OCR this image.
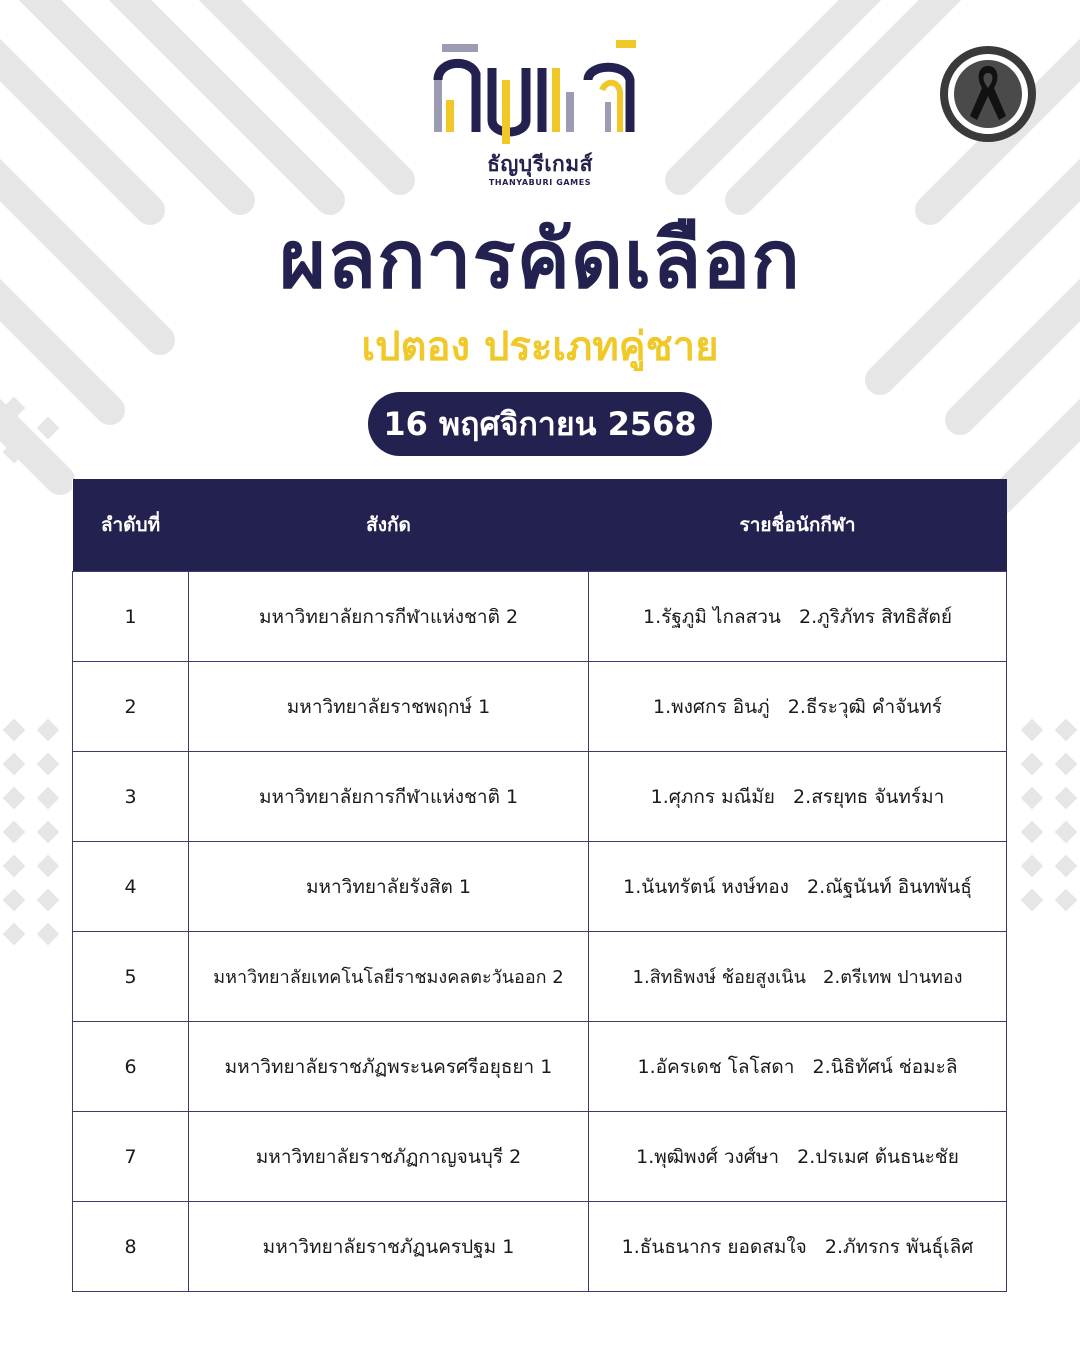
ธัญบุรีเกมส์
THANYABURI GAMES
ผลการคัดเลือก
เปตอง ประเภทคู่ชาย
16 พฤศจิกายน 2568
ลำดับที่	สังกัด	รายชื่อนักกีฬา
1	มหาวิทยาลัยการกีฬาแห่งชาติ 2	1.รัฐภูมิ ไกลสวน   2.ภูริภัทร สิทธิสัตย์
2	มหาวิทยาลัยราชพฤกษ์ 1	1.พงศกร อินภู่   2.ธีระวุฒิ คำจันทร์
3	มหาวิทยาลัยการกีฬาแห่งชาติ 1	1.ศุภกร มณีมัย   2.สรยุทธ จันทร์มา
4	มหาวิทยาลัยรังสิต 1	1.นันทรัตน์ หงษ์ทอง   2.ณัฐนันท์ อินทพันธุ์
5	มหาวิทยาลัยเทคโนโลยีราชมงคลตะวันออก 2	1.สิทธิพงษ์ ช้อยสูงเนิน   2.ตรีเทพ ปานทอง
6	มหาวิทยาลัยราชภัฏพระนครศรีอยุธยา 1	1.อัครเดช โลโสดา   2.นิธิทัศน์ ช่อมะลิ
7	มหาวิทยาลัยราชภัฏกาญจนบุรี 2	1.พุฒิพงศ์ วงศ์ษา   2.ปรเมศ ต้นธนะชัย
8	มหาวิทยาลัยราชภัฏนครปฐม 1	1.ธันธนากร ยอดสมใจ   2.ภัทรกร พันธุ์เลิศ
